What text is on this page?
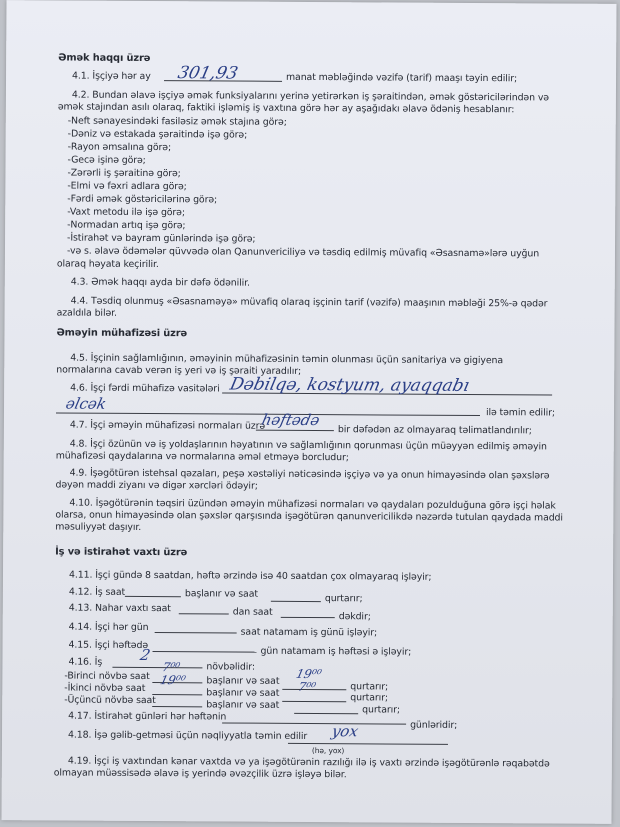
Əmək haqqı üzrə
4.1. İşçiyə hər ay 301,93	manat məbləğində vəzifə (tarif) maaşı təyin edilir;
4.2. Bundan əlavə işçiyə əmək funksiyalarını yerinə yetirərkən iş şəraitindən, əmək göstəricilərindən və
əmək stajından asılı olaraq, faktiki işləmiş iş vaxtına görə hər ay aşağıdakı əlavə ödəniş hesablanır:
-Neft sənayesindəki fasiləsiz əmək stajına görə;
-Dəniz və estakada şəraitində işə görə;
-Rayon əmsalına görə;
-Gecə işinə görə;
-Zərərli iş şəraitinə görə;
-Elmi və fəxri adlara görə;
-Fərdi əmək göstəricilərinə görə;
-Vaxt metodu ilə işə görə;
-Normadan artıq işə görə;
-İstirahət və bayram günlərində işə görə;
-və s. əlavə ödəmələr qüvvədə olan Qanunvericiliyə və təsdiq edilmiş müvafiq «Əsasnamə»lərə uyğun
olaraq həyata keçirilir.
4.3. Əmək haqqı ayda bir dəfə ödənilir.
4.4. Təsdiq olunmuş «Əsasnaməyə» müvafiq olaraq işçinin tarif (vəzifə) maaşının məbləği 25%-ə qədər
azaldıla bilər.
Əməyin mühafizəsi üzrə
4.5. İşçinin sağlamlığının, əməyinin mühafizəsinin təmin olunması üçün sanitariya və gigiyena
normalarına cavab verən iş yeri və iş şəraiti yaradılır;
4.6. İşçi fərdi mühafizə vasitələri Dəbilqə, kostyum, ayaqqabı
əlcək
ilə təmin edilir;
4.7. İşçi əməyin mühafizəsi normaları üzrə
həftədə
bir dəfədən az olmayaraq təlimatlandırılır;
4.8. İşçi özünün və iş yoldaşlarının həyatının və sağlamlığının qorunması üçün müəyyən edilmiş əməyin
mühafizəsi qaydalarına və normalarına əməl etməyə borcludur;
4.9. İşəgötürən istehsal qəzaları, peşə xəstəliyi nəticəsində işçiyə və ya onun himayəsində olan şəxslərə
dəyən maddi ziyanı və digər xərcləri ödəyir;
4.10. İşəgötürənin təqsiri üzündən əməyin mühafizəsi normaları və qaydaları pozulduğuna görə işçi həlak
olarsa, onun himayəsində olan şəxslər qarşısında işəgötürən qanunvericilikdə nəzərdə tutulan qaydada maddi
məsuliyyət daşıyır.
İş və istirahət vaxtı üzrə
4.11. İşçi gündə 8 saatdan, həftə ərzində isə 40 saatdan çox olmayaraq işləyir;
4.12. İş saat	başlanır və saat	qurtarır;
4.13. Nahar vaxtı saat	dan saat	dəkdir;
4.14. İşçi hər gün	saat natamam iş günü işləyir;
4.15. İşçi həftədə
gün natamam iş həftəsi ə işləyir;
4.16. İş 2
növbəlidir:
-Birinci növbə saat
7⁰⁰
başlanır və saat
19⁰⁰
qurtarır;
-İkinci növbə saat
19⁰⁰
başlanır və saat 7⁰⁰
qurtarır;
-Üçüncü növbə saat	başlanır və saat	qurtarır;
4.17. İstirahət günləri hər həftənin
günləridir;
4.18. İşə gəlib-getməsi üçün nəqliyyatla təmin edilir yox
(hə, yox)
4.19. İşçi iş vaxtından kənar vaxtda və ya işəgötürənin razılığı ilə iş vaxtı ərzində işəgötürənlə rəqabətdə
olmayan müəssisədə əlavə iş yerində əvəzçilik üzrə işləyə bilər.
